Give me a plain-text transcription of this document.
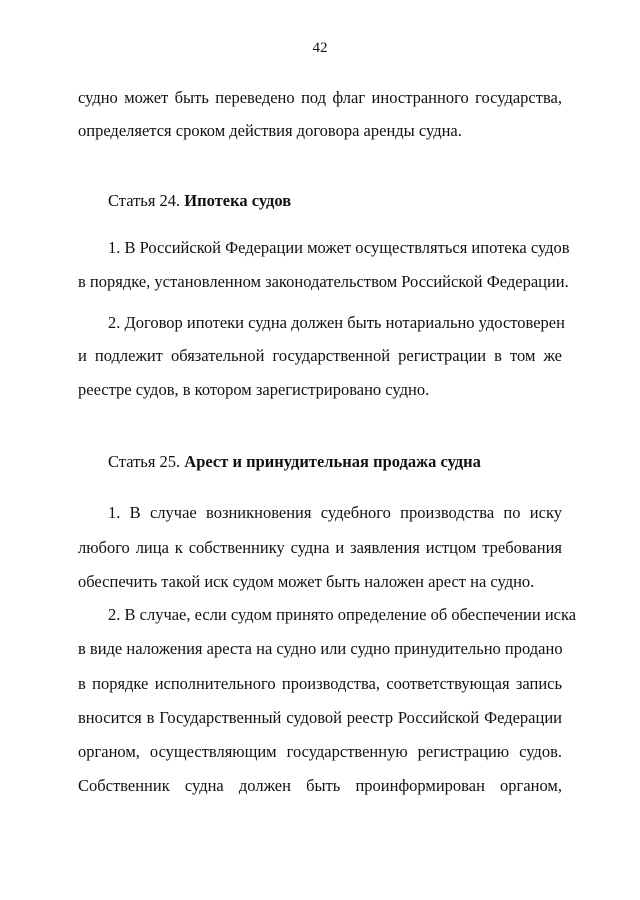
42
судно может быть переведено под флаг иностранного государства,
определяется сроком действия договора аренды судна.
Статья 24. Ипотека судов
1. В Российской Федерации может осуществляться ипотека судов
в порядке, установленном законодательством Российской Федерации.
2. Договор ипотеки судна должен быть нотариально удостоверен
и подлежит обязательной государственной регистрации в том же
реестре судов, в котором зарегистрировано судно.
Статья 25. Арест и принудительная продажа судна
1. В случае возникновения судебного производства по иску
любого лица к собственнику судна и заявления истцом требования
обеспечить такой иск судом может быть наложен арест на судно.
2. В случае, если судом принято определение об обеспечении иска
в виде наложения ареста на судно или судно принудительно продано
в порядке исполнительного производства, соответствующая запись
вносится в Государственный судовой реестр Российской Федерации
органом, осуществляющим государственную регистрацию судов.
Собственник судна должен быть проинформирован органом,
